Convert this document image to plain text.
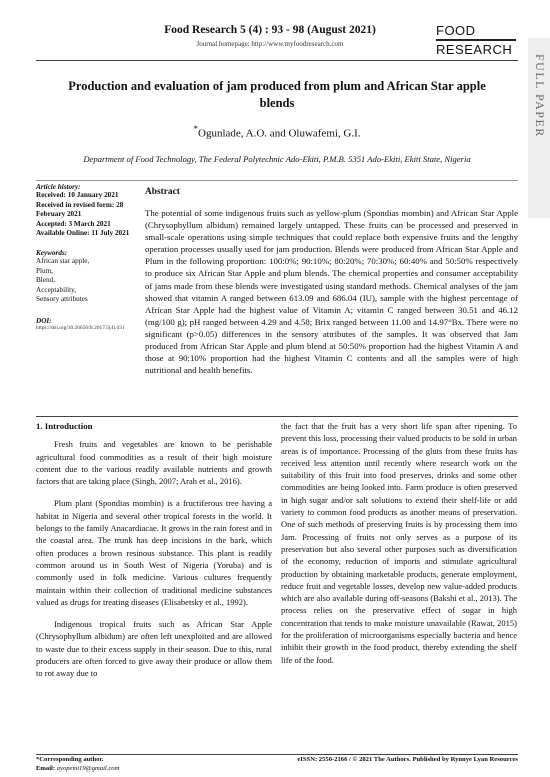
Food Research 5 (4) : 93 - 98 (August 2021)
Journal homepage: http://www.myfoodresearch.com
FOOD
RESEARCH
FULL PAPER
Production and evaluation of jam produced from plum and African Star apple blends
*Ogunlade, A.O. and Oluwafemi, G.I.
Department of Food Technology, The Federal Polytechnic Ado-Ekiti, P.M.B. 5351 Ado-Ekiti, Ekiti State, Nigeria
Article history:
Received: 10 January 2021
Received in revised form: 28 February 2021
Accepted: 3 March 2021
Available Online: 11 July 2021
Keywords:
African star apple,
Plum,
Blend,
Acceptability,
Sensory attributes
DOI:
https://doi.org/10.26656/fr.2017.5(4).031
Abstract
The potential of some indigenous fruits such as yellow-plum (Spondias mombin) and African Star Apple (Chrysophyllum albidum) remained largely untapped. These fruits can be processed and preserved in small-scale operations using simple techniques that could replace both expensive fruits and the lengthy operation processes usually used for jam production. Blends were produced from African Star Apple and Plum in the following proportion: 100:0%; 90:10%; 80:20%; 70:30%; 60:40% and 50:50% respectively to produce six African Star Apple and plum blends. The chemical properties and consumer acceptability of jams made from these blends were investigated using standard methods. Chemical analyses of the jam showed that vitamin A ranged between 613.09 and 686.04 (IU), sample with the highest percentage of African Star Apple had the highest value of Vitamin A; vitamin C ranged between 30.51 and 46.12 (mg/100 g); pH ranged between 4.29 and 4.58; Brix ranged between 11.00 and 14.97°Bx. There were no significant (p>0.05) differences in the sensory attributes of the samples. It was observed that Jam produced from African Star Apple and plum blend at 50:50% proportion had the highest Vitamin A and those at 90:10% proportion had the highest Vitamin C contents and all the samples were of high nutritional and health benefits.
1. Introduction

Fresh fruits and vegetables are known to be perishable agricultural food commodities as a result of their high moisture content due to the various readily available nutrients and growth factors that are taking place (Singh, 2007; Arah et al., 2016).

Plum plant (Spondias mombin) is a fructiferous tree having a habitat in Nigeria and several other tropical forests in the world. It belongs to the family Anacardiacae. It grows in the rain forest and in the coastal area. The trunk has deep incisions in the bark, which often produces a brown resinous substance. This plant is readily common around us in South West of Nigeria (Yoruba) and is commonly used in folk medicine. Various cultures frequently maintain within their collection of traditional medicine substances valued as drugs for treating diseases (Elisabetsky et al., 1992).

Indigenous tropical fruits such as African Star Apple (Chrysophyllum albidum) are often left unexploited and are allowed to waste due to their excess supply in their season. Due to this, rural producers are often forced to give away their produce or allow them to rot away due to

the fact that the fruit has a very short life span after ripening. To prevent this loss, processing their valued products to be sold in urban areas is of importance. Processing of the gluts from these fruits has received less attention until recently where research work on the suitability of this fruit into food preserves, drinks and some other commodities are being looked into. Farm produce is often preserved in high sugar and/or salt solutions to extend their shelf-life or add variety to common food products as another means of preservation. One of such methods of preserving fruits is by processing them into Jam. Processing of fruits not only serves as a purpose of its preservation but also several other purposes such as diversification of the economy, reduction of imports and stimulate agricultural production by obtaining marketable products, generate employment, reduce fruit and vegetable losses, develop new value-added products which are also available during off-seasons (Bakshi et al., 2013). The process relies on the preservative effect of sugar in high concentration that tends to make moisture unavailable (Rawat, 2015) for the proliferation of microorganisms especially bacteria and hence inhibit their growth in the food product, thereby extending the shelf life of the food.

*Corresponding author.
Email: ayopemi19@gmail.com
eISSN: 2550-2166 / © 2021 The Authors. Published by Rynnye Lyan Resources
